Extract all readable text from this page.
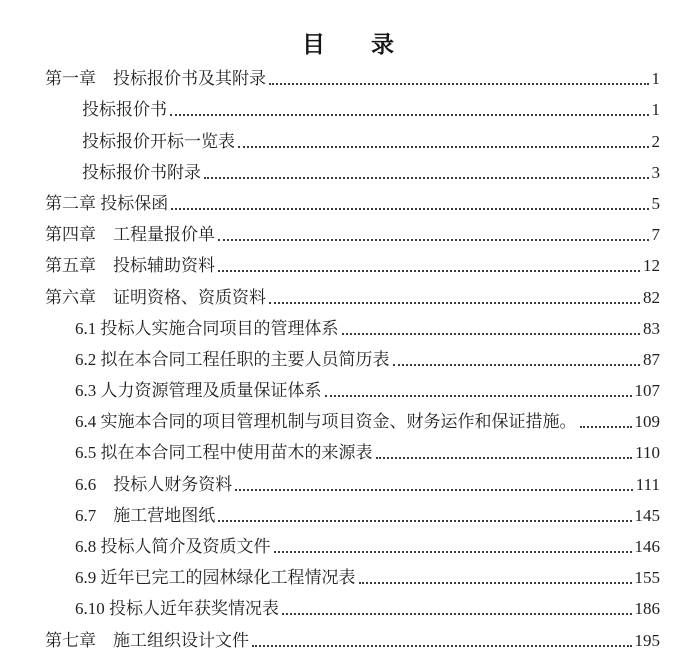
目　　录
第一章　投标报价书及其附录	1
投标报价书	1
投标报价开标一览表	2
投标报价书附录	3
第二章 投标保函	5
第四章　工程量报价单	7
第五章　投标辅助资料	12
第六章　证明资格、资质资料	82
6.1 投标人实施合同项目的管理体系	83
6.2 拟在本合同工程任职的主要人员简历表	87
6.3 人力资源管理及质量保证体系	107
6.4 实施本合同的项目管理机制与项目资金、财务运作和保证措施。	109
6.5 拟在本合同工程中使用苗木的来源表	110
6.6　投标人财务资料	111
6.7　施工营地图纸	145
6.8 投标人简介及资质文件	146
6.9 近年已完工的园林绿化工程情况表	155
6.10 投标人近年获奖情况表	186
第七章　施工组织设计文件	195
